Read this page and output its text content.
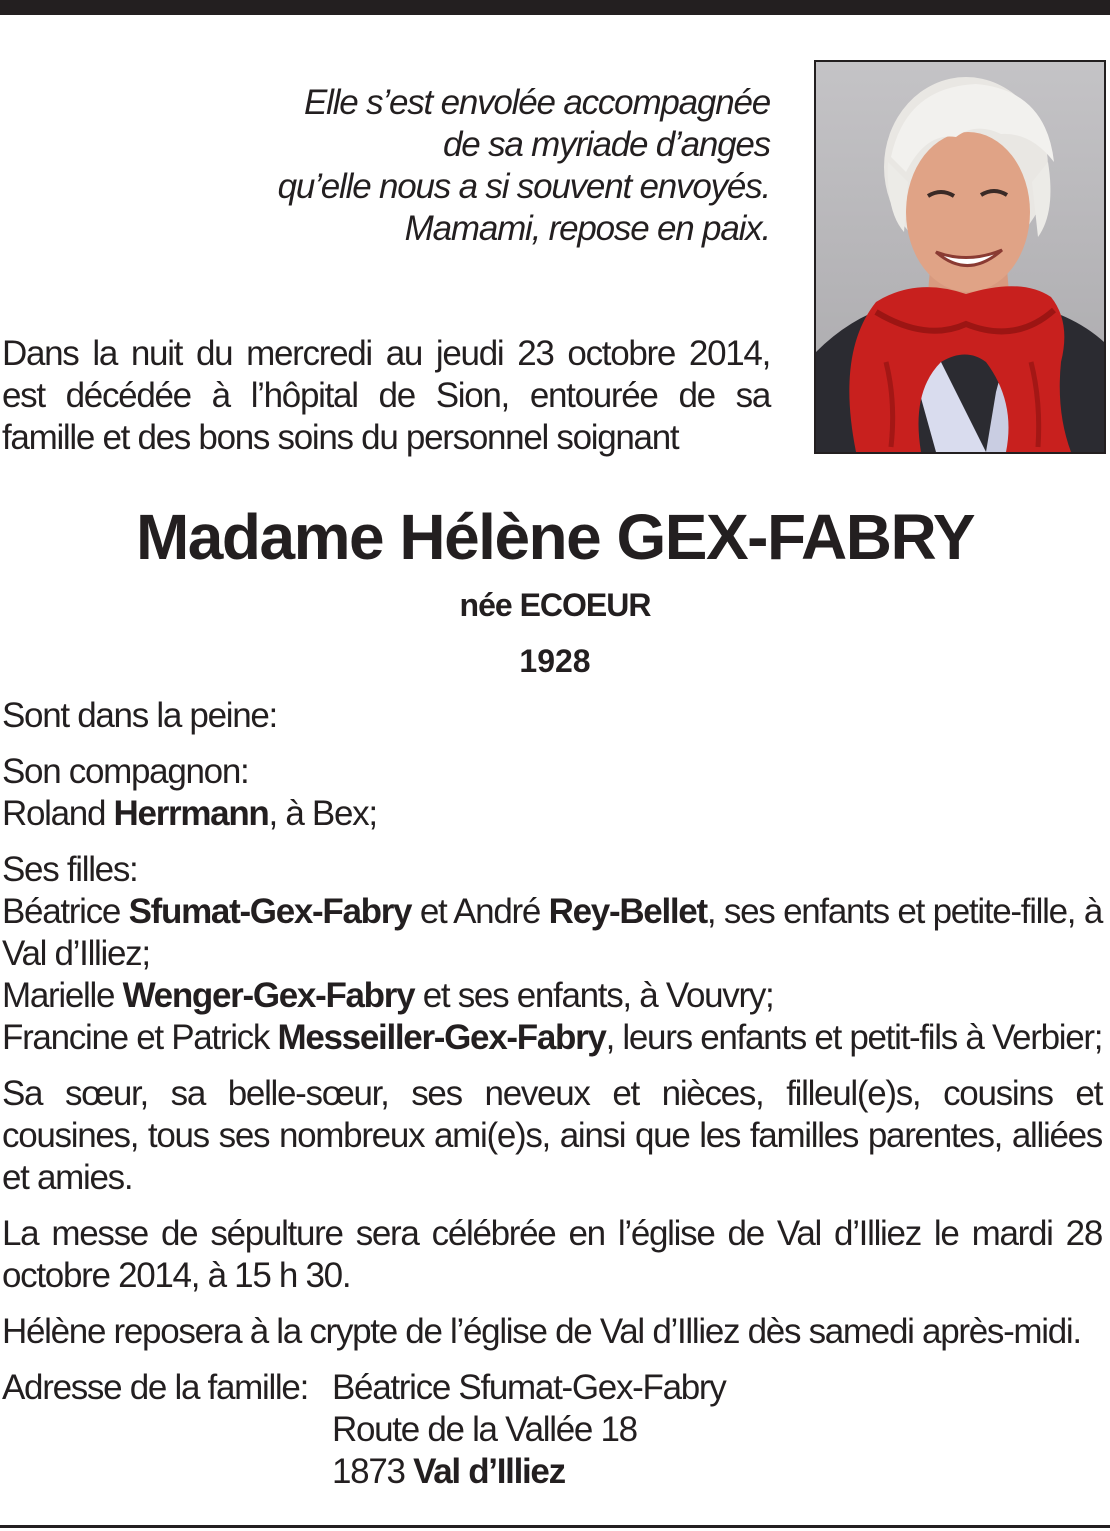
Elle s’est envolée accompagnée
de sa myriade d’anges
qu’elle nous a si souvent envoyés.
Mamami, repose en paix.
Dans la nuit du mercredi au jeudi 23 octobre 2014, est décédée à l’hôpital de Sion, entourée de sa famille et des bons soins du personnel soignant
Madame Hélène GEX-FABRY
née ECOEUR
1928

Sont dans la peine:

Son compagnon:
Roland Herrmann, à Bex;

Ses filles:

Béatrice Sfumat-Gex-Fabry et André Rey-Bellet, ses enfants et petite-fille, à Val d’Illiez;
Marielle Wenger-Gex-Fabry et ses enfants, à Vouvry;
Francine et Patrick Messeiller-Gex-Fabry, leurs enfants et petit-fils à Verbier;

Sa sœur, sa belle-sœur, ses neveux et nièces, filleul(e)s, cousins et cousines, tous ses nombreux ami(e)s, ainsi que les familles parentes, alliées et amies.

La messe de sépulture sera célébrée en l’église de Val d’Illiez le mardi 28 octobre 2014, à 15 h 30.

Hélène reposera à la crypte de l’église de Val d’Illiez dès samedi après-midi.

Adresse de la famille: Béatrice Sfumat-Gex-Fabry
Route de la Vallée 18
1873 Val d’Illiez
